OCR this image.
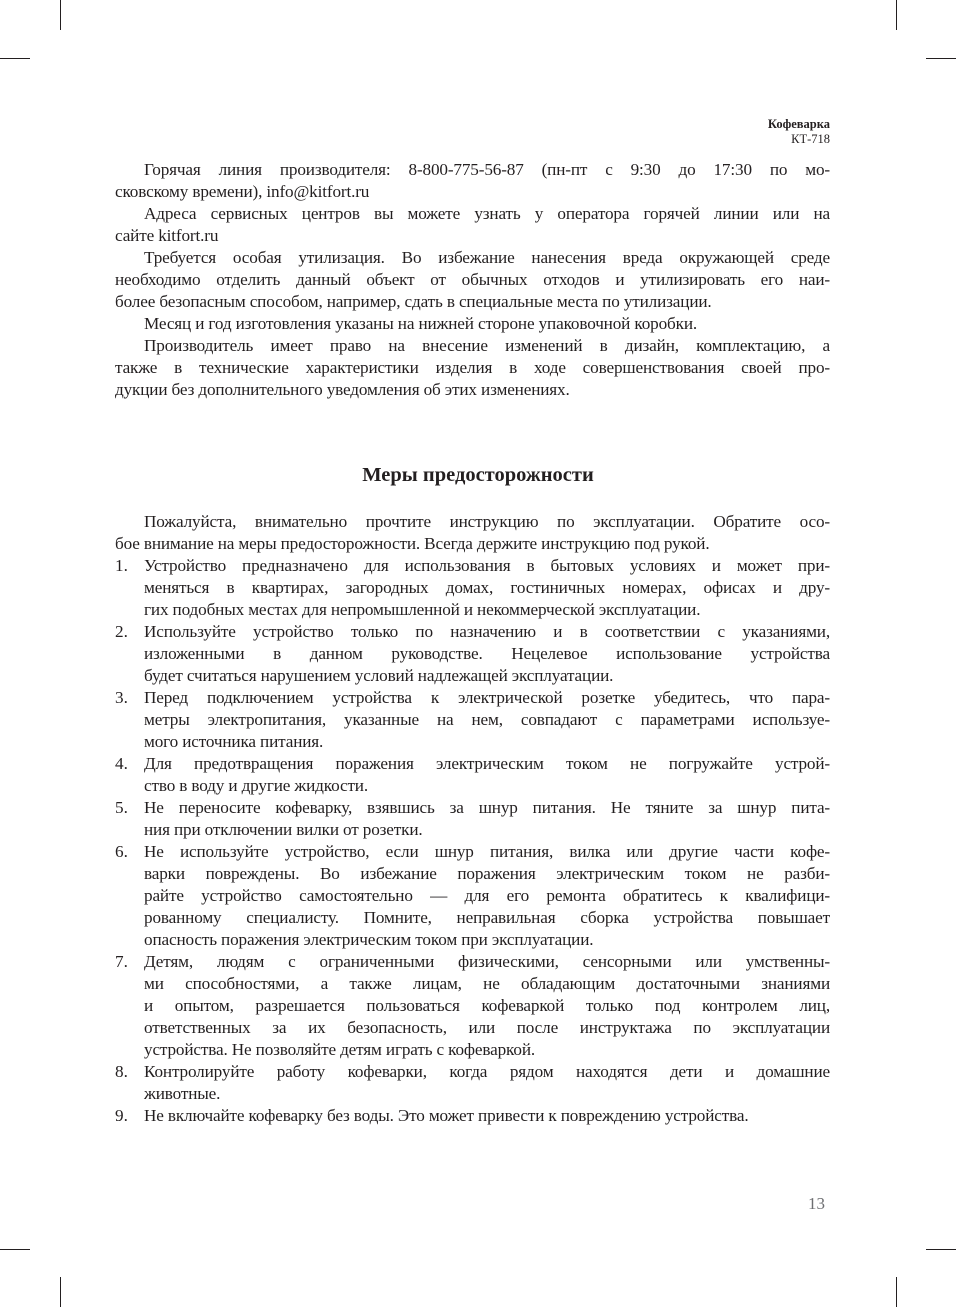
Кофеварка
КТ-718
Горячая линия производителя: 8-800-775-56-87 (пн-пт с 9:30 до 17:30 по мо-
сковскому времени), info@kitfort.ru
Адреса сервисных центров вы можете узнать у оператора горячей линии или на
сайте kitfort.ru
Требуется особая утилизация. Во избежание нанесения вреда окружающей среде
необходимо отделить данный объект от обычных отходов и утилизировать его наи-
более безопасным способом, например, сдать в специальные места по утилизации.
Месяц и год изготовления указаны на нижней стороне упаковочной коробки.
Производитель имеет право на внесение изменений в дизайн, комплектацию, а
также в технические характеристики изделия в ходе совершенствования своей про-
дукции без дополнительного уведомления об этих изменениях.
Меры предосторожности
Пожалуйста, внимательно прочтите инструкцию по эксплуатации. Обратите осо-
бое внимание на меры предосторожности. Всегда держите инструкцию под рукой.
1. Устройство предназначено для использования в бытовых условиях и может при-
меняться в квартирах, загородных домах, гостиничных номерах, офисах и дру-
гих подобных местах для непромышленной и некоммерческой эксплуатации.
2. Используйте устройство только по назначению и в соответствии с указаниями,
изложенными в данном руководстве. Нецелевое использование устройства
будет считаться нарушением условий надлежащей эксплуатации.
3. Перед подключением устройства к электрической розетке убедитесь, что пара-
метры электропитания, указанные на нем, совпадают с параметрами используе-
мого источника питания.
4. Для предотвращения поражения электрическим током не погружайте устрой-
ство в воду и другие жидкости.
5. Не переносите кофеварку, взявшись за шнур питания. Не тяните за шнур пита-
ния при отключении вилки от розетки.
6. Не используйте устройство, если шнур питания, вилка или другие части кофе-
варки повреждены. Во избежание поражения электрическим током не разби-
райте устройство самостоятельно — для его ремонта обратитесь к квалифици-
рованному специалисту. Помните, неправильная сборка устройства повышает
опасность поражения электрическим током при эксплуатации.
7. Детям, людям с ограниченными физическими, сенсорными или умственны-
ми способностями, а также лицам, не обладающим достаточными знаниями
и опытом, разрешается пользоваться кофеваркой только под контролем лиц,
ответственных за их безопасность, или после инструктажа по эксплуатации
устройства. Не позволяйте детям играть с кофеваркой.
8. Контролируйте работу кофеварки, когда рядом находятся дети и домашние
животные.
9. Не включайте кофеварку без воды. Это может привести к повреждению устройства.
13
